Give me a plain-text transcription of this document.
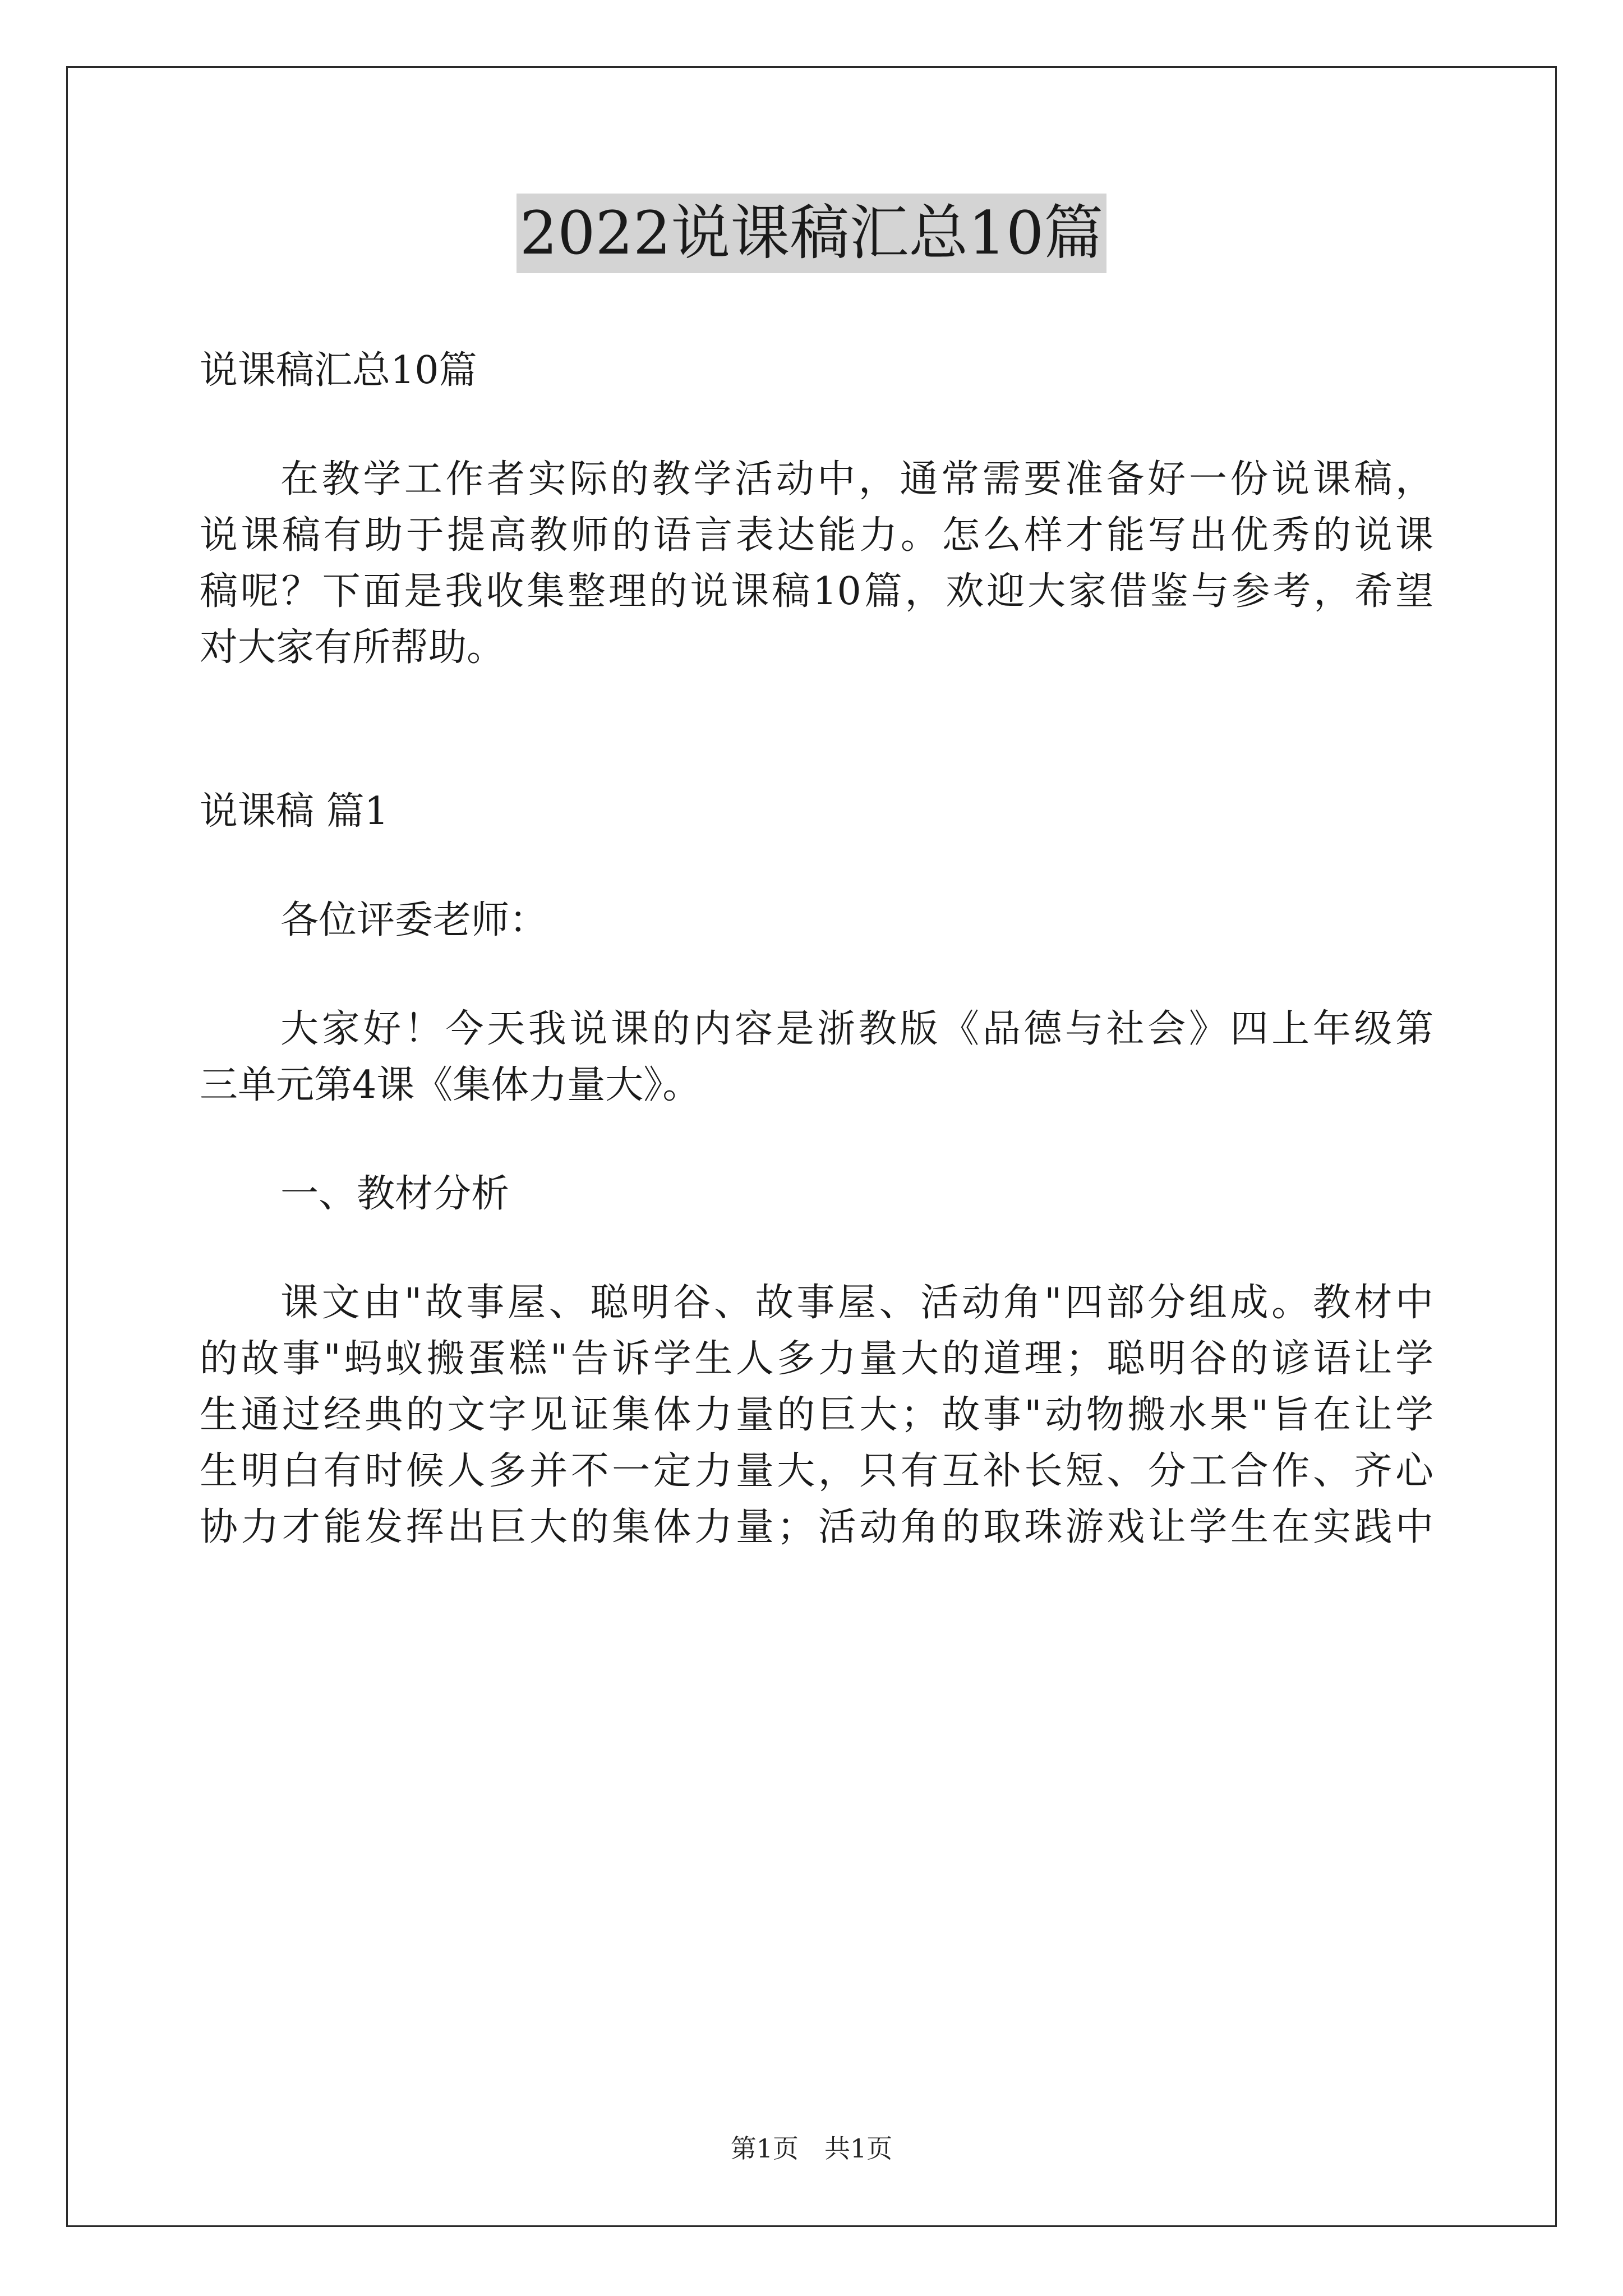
2022说课稿汇总10篇

说课稿汇总10篇

在教学工作者实际的教学活动中，通常需要准备好一份说课稿，

说课稿有助于提高教师的语言表达能力。怎么样才能写出优秀的说课

稿呢？下面是我收集整理的说课稿10篇，欢迎大家借鉴与参考，希望

对大家有所帮助。

说课稿 篇1

各位评委老师：

大家好！今天我说课的内容是浙教版《品德与社会》四上年级第

三单元第4课《集体力量大》。

一、教材分析

课文由"故事屋、聪明谷、故事屋、活动角"四部分组成。教材中

的故事"蚂蚁搬蛋糕"告诉学生人多力量大的道理；聪明谷的谚语让学

生通过经典的文字见证集体力量的巨大；故事"动物搬水果"旨在让学

生明白有时候人多并不一定力量大，只有互补长短、分工合作、齐心

协力才能发挥出巨大的集体力量；活动角的取珠游戏让学生在实践中

第1页　共1页
